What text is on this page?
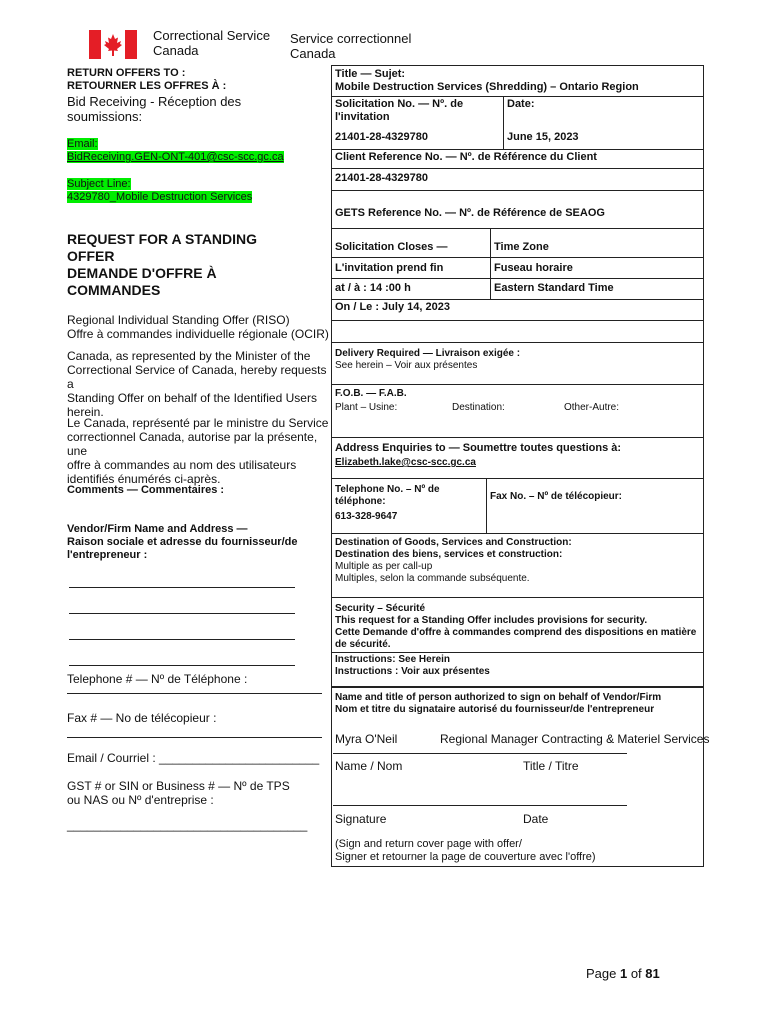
Correctional Service
Canada
Service correctionnel
Canada
RETURN OFFERS TO :
RETOURNER LES OFFRES À :
Bid Receiving - Réception des
soumissions:
Email:
BidReceiving.GEN-ONT-401@csc-scc.gc.ca
Subject Line:
4329780_Mobile Destruction Services
REQUEST FOR A STANDING
OFFER
DEMANDE D'OFFRE À
COMMANDES
Regional Individual Standing Offer (RISO)
Offre à commandes individuelle régionale (OCIR)
Canada, as represented by the Minister of the
Correctional Service of Canada, hereby requests a
Standing Offer on behalf of the Identified Users
herein.
Le Canada, représenté par le ministre du Service
correctionnel Canada, autorise par la présente, une
offre à commandes au nom des utilisateurs
identifiés énumérés ci-après.
Comments — Commentaires :
Vendor/Firm Name and Address —
Raison sociale et adresse du fournisseur/de
l'entrepreneur :
Telephone # — Nº de Téléphone :
Fax # — No de télécopieur :
Email / Courriel : ________________________
GST # or SIN or Business # — Nº de TPS
ou NAS ou Nº d'entreprise :
____________________________________
Title — Sujet:
Mobile Destruction Services (Shredding) – Ontario Region
Solicitation No. — Nº. de
l'invitation
Date:
21401-28-4329780	June 15, 2023
Client Reference No. — Nº. de Référence du Client
21401-28-4329780
GETS Reference No. — Nº. de Référence de SEAOG
Solicitation Closes —	Time Zone
L'invitation prend fin	Fuseau horaire
at / à : 14 :00 h	Eastern Standard Time
On / Le : July 14, 2023
Delivery Required — Livraison exigée :
See herein – Voir aux présentes
F.O.B. — F.A.B.
Plant – Usine:	Destination:	Other-Autre:
Address Enquiries to — Soumettre toutes questions à:
Elizabeth.lake@csc-scc.gc.ca
Telephone No. – Nº de
téléphone:
613-328-9647
Fax No. – Nº de télécopieur:
Destination of Goods, Services and Construction:
Destination des biens, services et construction:
Multiple as per call-up
Multiples, selon la commande subséquente.
Security – Sécurité
This request for a Standing Offer includes provisions for security.
Cette Demande d'offre à commandes comprend des dispositions en matière
de sécurité.
Instructions: See Herein
Instructions : Voir aux présentes
Name and title of person authorized to sign on behalf of Vendor/Firm
Nom et titre du signataire autorisé du fournisseur/de l'entrepreneur
Myra O'Neil	Regional Manager Contracting & Materiel Services
Name / Nom	Title / Titre
Signature	Date
(Sign and return cover page with offer/
Signer et retourner la page de couverture avec l'offre)
Page 1 of 81
